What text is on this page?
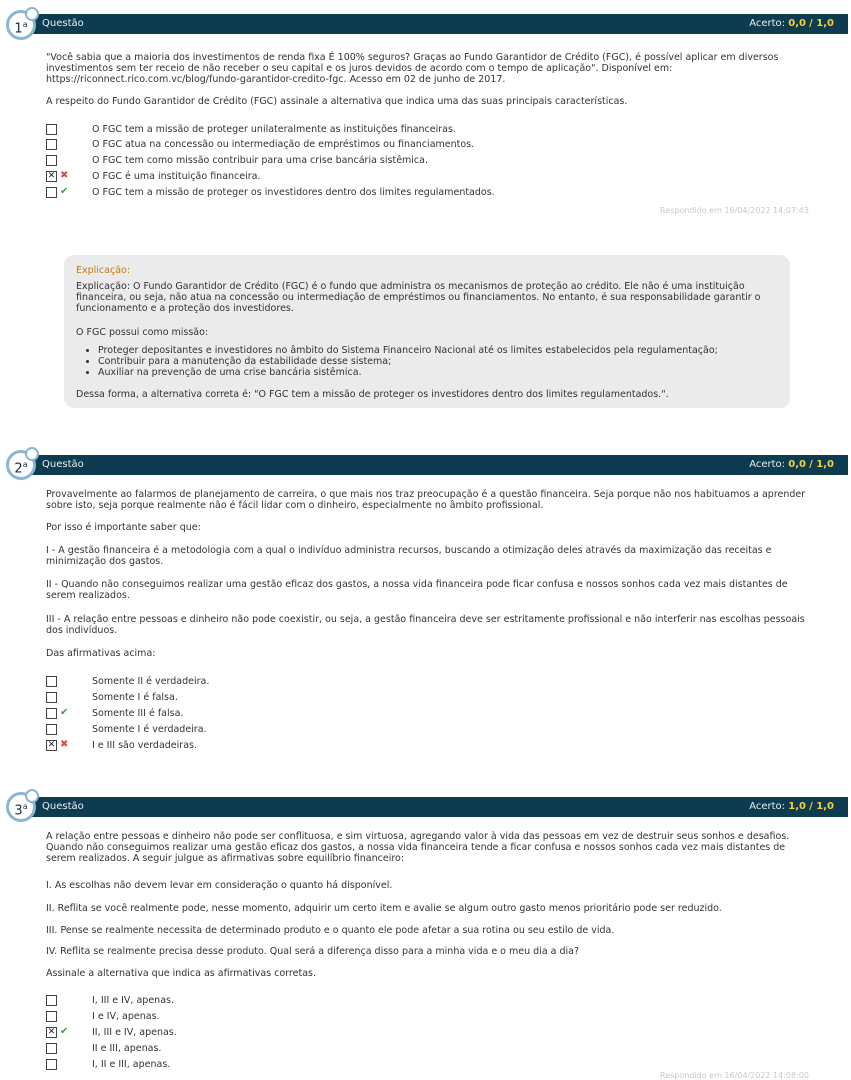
Questão	Acerto: 0,0 / 1,0
1$^a$
"Você sabia que a maioria dos investimentos de renda fixa É 100% seguros? Graças ao Fundo Garantidor de Crédito (FGC), é possível aplicar em diversos investimentos sem ter receio de não receber o seu capital e os juros devidos de acordo com o tempo de aplicação". Disponível em: https://riconnect.rico.com.vc/blog/fundo-garantidor-credito-fgc. Acesso em 02 de junho de 2017.
A respeito do Fundo Garantidor de Crédito (FGC) assinale a alternativa que indica uma das suas principais características.
O FGC tem a missão de proteger unilateralmente as instituições financeiras.
O FGC atua na concessão ou intermediação de empréstimos ou financiamentos.
O FGC tem como missão contribuir para uma crise bancária sistêmica.
✕ ✖ O FGC é uma instituição financeira.
✔ O FGC tem a missão de proteger os investidores dentro dos limites regulamentados.
Respondido em 16/04/2022 14:07:43
Explicação:
Explicação: O Fundo Garantidor de Crédito (FGC) é o fundo que administra os mecanismos de proteção ao crédito. Ele não é uma instituição financeira, ou seja, não atua na concessão ou intermediação de empréstimos ou financiamentos. No entanto, é sua responsabilidade garantir o funcionamento e a proteção dos investidores.
O FGC possui como missão:
• Proteger depositantes e investidores no âmbito do Sistema Financeiro Nacional até os limites estabelecidos pela regulamentação;
• Contribuir para a manutenção da estabilidade desse sistema;
• Auxiliar na prevenção de uma crise bancária sistêmica.
Dessa forma, a alternativa correta é: "O FGC tem a missão de proteger os investidores dentro dos limites regulamentados.".
Questão	Acerto: 0,0 / 1,0
2$^a$
Provavelmente ao falarmos de planejamento de carreira, o que mais nos traz preocupação é a questão financeira. Seja porque não nos habituamos a aprender sobre isto, seja porque realmente não é fácil lidar com o dinheiro, especialmente no âmbito profissional.
Por isso é importante saber que:
I - A gestão financeira é a metodologia com a qual o indivíduo administra recursos, buscando a otimização deles através da maximização das receitas e minimização dos gastos.
II - Quando não conseguimos realizar uma gestão eficaz dos gastos, a nossa vida financeira pode ficar confusa e nossos sonhos cada vez mais distantes de serem realizados.
III - A relação entre pessoas e dinheiro não pode coexistir, ou seja, a gestão financeira deve ser estritamente profissional e não interferir nas escolhas pessoais dos indivíduos.
Das afirmativas acima:
Somente II é verdadeira.
Somente I é falsa.
✔ Somente III é falsa.
Somente I é verdadeira.
✕ ✖ I e III são verdadeiras.
Questão	Acerto: 1,0 / 1,0
3$^a$
A relação entre pessoas e dinheiro não pode ser conflituosa, e sim virtuosa, agregando valor à vida das pessoas em vez de destruir seus sonhos e desafios. Quando não conseguimos realizar uma gestão eficaz dos gastos, a nossa vida financeira tende a ficar confusa e nossos sonhos cada vez mais distantes de serem realizados. A seguir julgue as afirmativas sobre equilíbrio financeiro:
I. As escolhas não devem levar em consideração o quanto há disponível.
II. Reflita se você realmente pode, nesse momento, adquirir um certo item e avalie se algum outro gasto menos prioritário pode ser reduzido.
III. Pense se realmente necessita de determinado produto e o quanto ele pode afetar a sua rotina ou seu estilo de vida.
IV. Reflita se realmente precisa desse produto. Qual será a diferença disso para a minha vida e o meu dia a dia?
Assinale a alternativa que indica as afirmativas corretas.
I, III e IV, apenas.
I e IV, apenas.
✕ ✔ II, III e IV, apenas.
II e III, apenas.
I, II e III, apenas.
Respondido em 16/04/2022 14:08:00
